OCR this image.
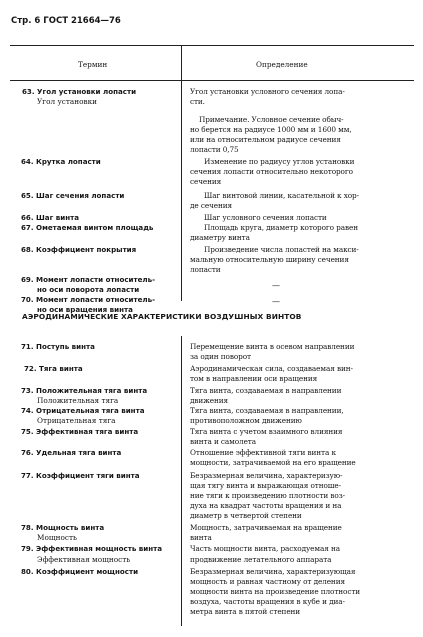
Стр. 6 ГОСТ 21664—76
Термин	Определение
АЭРОДИНАМИЧЕСКИЕ ХАРАКТЕРИСТИКИ ВОЗДУШНЫХ ВИНТОВ
63. Угол установки лопасти
Угол установки
Угол установки условного сечения лопа-
сти.
Примечание. Условное сечение обыч-
но берется на радиусе 1000 мм и 1600 мм,
или на относительном радиусе сечения
лопасти 0,75
64. Крутка лопасти	Изменение по радиусу углов установки
сечения лопасти относительно некоторого
сечения
65. Шаг сечения лопасти	Шаг винтовой линии, касательной к хор-
де сечения
66. Шаг винта	Шаг условного сечения лопасти
67. Ометаемая винтом площадь	Площадь круга, диаметр которого равен
диаметру винта
68. Коэффициент покрытия	Произведение числа лопастей на макси-
мальную относительную ширину сечения
лопасти
69. Момент лопасти относитель-
но оси поворота лопасти	—
70. Момент лопасти относитель-
но оси вращения винта
—
71. Поступь винта	Перемещение винта в осевом направлении
за один поворот
72. Тяга винта	Аэродинамическая сила, создаваемая вин-
том в направлении оси вращения
73. Положительная тяга винта
Положительная тяга
Тяга винта, создаваемая в направлении
движения
74. Отрицательная тяга винта
Отрицательная тяга
Тяга винта, создаваемая в направлении,
противоположном движению
75. Эффективная тяга винта	Тяга винта с учетом взаимного влияния
винта и самолета
76. Удельная тяга винта	Отношение эффективной тяги винта к
мощности, затрачиваемой на его вращение
77. Коэффициент тяги винта	Безразмерная величина, характеризую-
щая тягу винта и выражающая отноше-
ние тяги к произведению плотности воз-
духа на квадрат частоты вращения и на
диаметр в четвертой степени
78. Мощность винта
Мощность
Мощность, затрачиваемая на вращение
винта
79. Эффективная мощность винта
Эффективная мощность
Часть мощности винта, расходуемая на
продвижение летательного аппарата
80. Коэффициент мощности	Безразмерная величина, характеризующая
мощность и равная частному от деления
мощности винта на произведение плотности
воздуха, частоты вращения в кубе и диа-
метра винта в пятой степени
